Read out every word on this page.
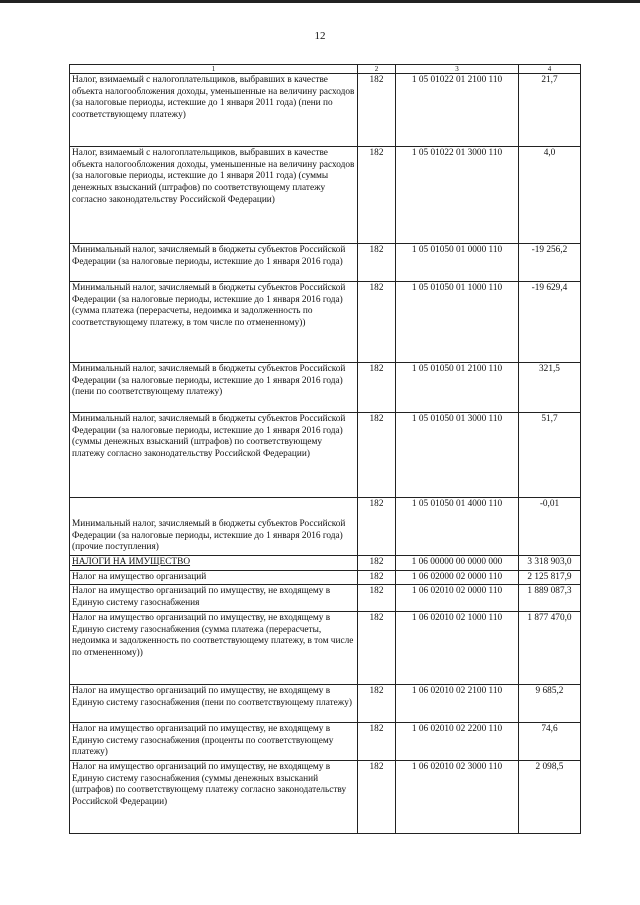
12
1	2	3	4
Налог, взимаемый с налогоплательщиков, выбравших в качестве объекта налогообложения доходы, уменьшенные на величину расходов (за налоговые периоды, истекшие до 1 января 2011 года) (пени по соответствующему платежу)	182	1 05 01022 01 2100 110	21,7
Налог, взимаемый с налогоплательщиков, выбравших в качестве объекта налогообложения доходы, уменьшенные на величину расходов (за налоговые периоды, истекшие до 1 января 2011 года) (суммы денежных взысканий (штрафов) по соответствующему платежу согласно законодательству Российской Федерации)	182	1 05 01022 01 3000 110	4,0
Минимальный налог, зачисляемый в бюджеты субъектов Российской Федерации (за налоговые периоды, истекшие до 1 января 2016 года)	182	1 05 01050 01 0000 110	-19 256,2
Минимальный налог, зачисляемый в бюджеты субъектов Российской Федерации (за налоговые периоды, истекшие до 1 января 2016 года) (сумма платежа (перерасчеты, недоимка и задолженность по соответствующему платежу, в том числе по отмененному))	182	1 05 01050 01 1000 110	-19 629,4
Минимальный налог, зачисляемый в бюджеты субъектов Российской Федерации (за налоговые периоды, истекшие до 1 января 2016 года) (пени по соответствующему платежу)	182	1 05 01050 01 2100 110	321,5
Минимальный налог, зачисляемый в бюджеты субъектов Российской Федерации (за налоговые периоды, истекшие до 1 января 2016 года) (суммы денежных взысканий (штрафов) по соответствующему платежу согласно законодательству Российской Федерации)	182	1 05 01050 01 3000 110	51,7
Минимальный налог, зачисляемый в бюджеты субъектов Российской Федерации (за налоговые периоды, истекшие до 1 января 2016 года) (прочие поступления)	182	1 05 01050 01 4000 110	-0,01
НАЛОГИ НА ИМУЩЕСТВО	182	1 06 00000 00 0000 000	3 318 903,0
Налог на имущество организаций	182	1 06 02000 02 0000 110	2 125 817,9
Налог на имущество организаций по имуществу, не входящему в Единую систему газоснабжения	182	1 06 02010 02 0000 110	1 889 087,3
Налог на имущество организаций по имуществу, не входящему в Единую систему газоснабжения (сумма платежа (перерасчеты, недоимка и задолженность по соответствующему платежу, в том числе по отмененному))	182	1 06 02010 02 1000 110	1 877 470,0
Налог на имущество организаций по имуществу, не входящему в Единую систему газоснабжения (пени по соответствующему платежу)	182	1 06 02010 02 2100 110	9 685,2
Налог на имущество организаций по имуществу, не входящему в Единую систему газоснабжения (проценты по соответствующему платежу)	182	1 06 02010 02 2200 110	74,6
Налог на имущество организаций по имуществу, не входящему в Единую систему газоснабжения (суммы денежных взысканий (штрафов) по соответствующему платежу согласно законодательству Российской Федерации)	182	1 06 02010 02 3000 110	2 098,5
